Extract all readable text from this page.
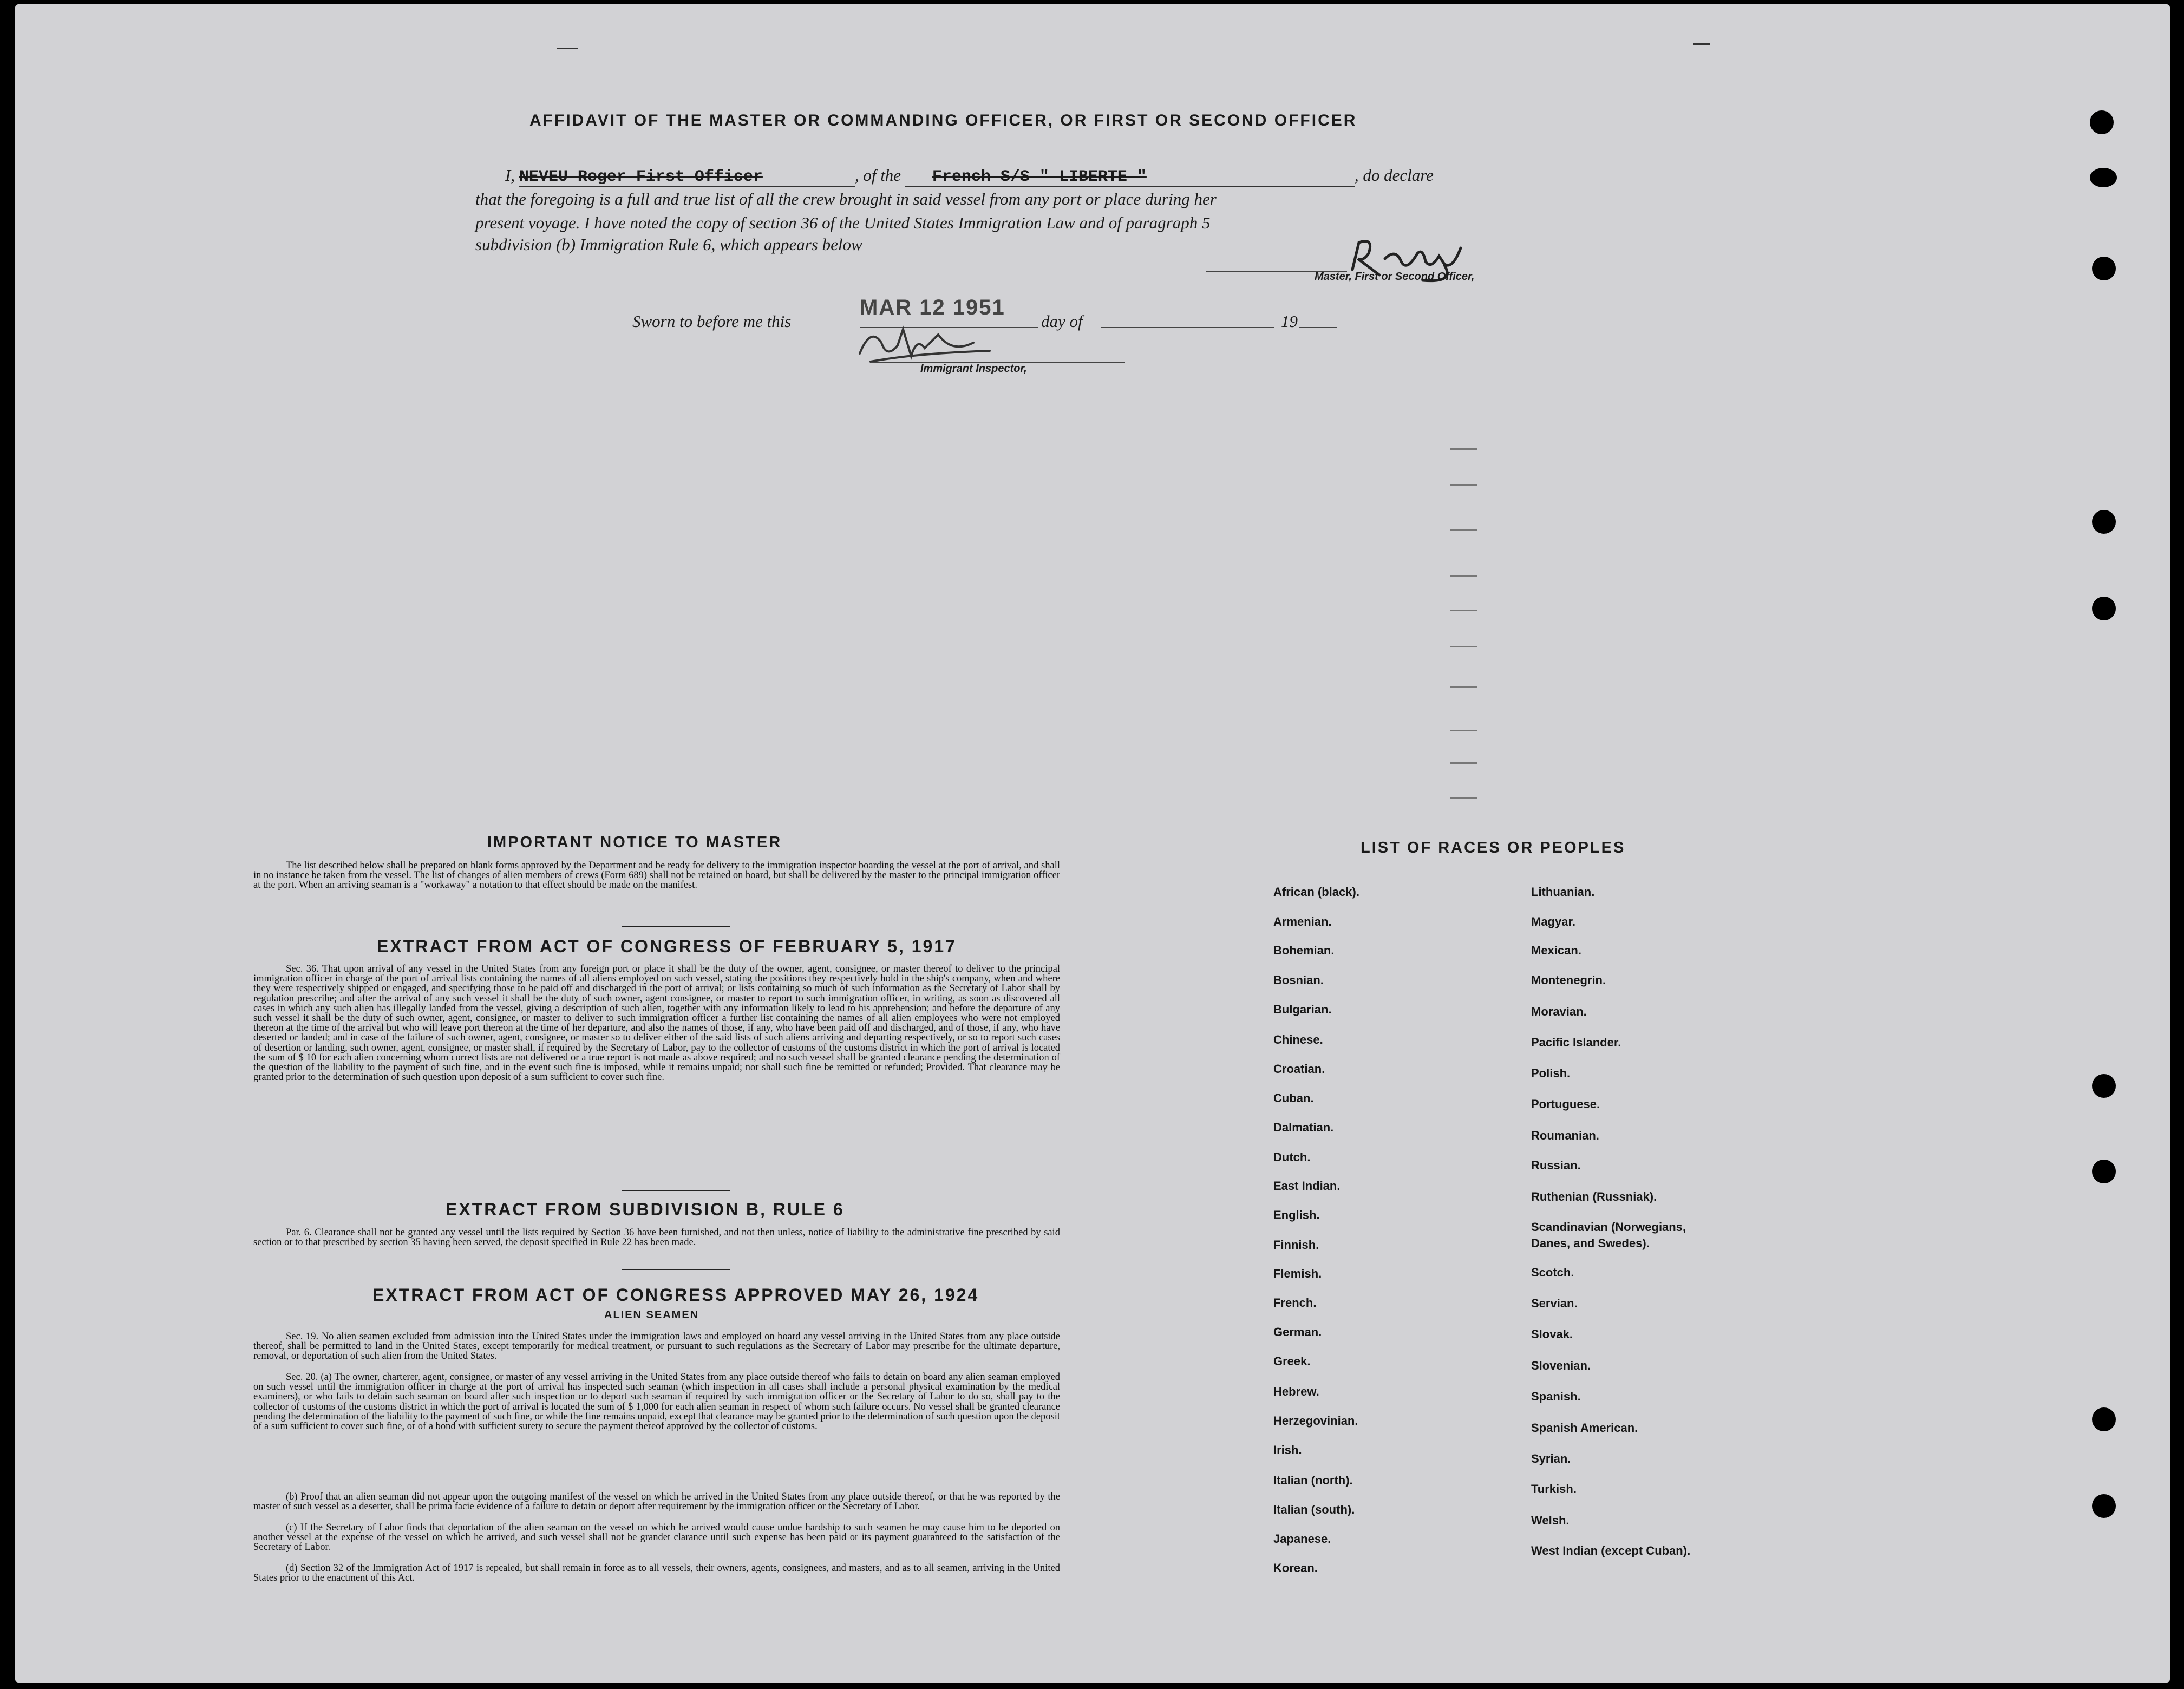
AFFIDAVIT OF THE MASTER OR COMMANDING OFFICER, OR FIRST OR SECOND OFFICER
I, NEVEU Roger First Officer	, of the French S/S " LIBERTE "	, do declare
that the foregoing is a full and true list of all the crew brought in said vessel from any port or place during her
present voyage. I have noted the copy of section 36 of the United States Immigration Law and of paragraph 5
subdivision (b) Immigration Rule 6, which appears below
Master, First or Second Officer,
Sworn to before me this
MAR 12 1951
day of	19
Immigrant Inspector,
IMPORTANT NOTICE TO MASTER

The list described below shall be prepared on blank forms approved by the Department and be ready for delivery to the immigration inspector boarding the vessel at the port of arrival, and shall in no instance be taken from the vessel. The list of changes of alien members of crews (Form 689) shall not be retained on board, but shall be delivered by the master to the principal immigration officer at the port. When an arriving seaman is a "workaway" a notation to that effect should be made on the manifest.

EXTRACT FROM ACT OF CONGRESS OF FEBRUARY 5, 1917

Sec. 36. That upon arrival of any vessel in the United States from any foreign port or place it shall be the duty of the owner, agent, consignee, or master thereof to deliver to the principal immigration officer in charge of the port of arrival lists containing the names of all aliens employed on such vessel, stating the positions they respectively hold in the ship's company, when and where they were respectively shipped or engaged, and specifying those to be paid off and discharged in the port of arrival; or lists containing so much of such information as the Secretary of Labor shall by regulation prescribe; and after the arrival of any such vessel it shall be the duty of such owner, agent consignee, or master to report to such immigration officer, in writing, as soon as discovered all cases in which any such alien has illegally landed from the vessel, giving a description of such alien, together with any information likely to lead to his apprehension; and before the departure of any such vessel it shall be the duty of such owner, agent, consignee, or master to deliver to such immigration officer a further list containing the names of all alien employees who were not employed thereon at the time of the arrival but who will leave port thereon at the time of her departure, and also the names of those, if any, who have been paid off and discharged, and of those, if any, who have deserted or landed; and in case of the failure of such owner, agent, consignee, or master so to deliver either of the said lists of such aliens arriving and departing respectively, or so to report such cases of desertion or landing, such owner, agent, consignee, or master shall, if required by the Secretary of Labor, pay to the collector of customs of the customs district in which the port of arrival is located the sum of $ 10 for each alien concerning whom correct lists are not delivered or a true report is not made as above required; and no such vessel shall be granted clearance pending the determination of the question of the liability to the payment of such fine, and in the event such fine is imposed, while it remains unpaid; nor shall such fine be remitted or refunded; Provided. That clearance may be granted prior to the determination of such question upon deposit of a sum sufficient to cover such fine.

EXTRACT FROM SUBDIVISION B, RULE 6

Par. 6. Clearance shall not be granted any vessel until the lists required by Section 36 have been furnished, and not then unless, notice of liability to the administrative fine prescribed by said section or to that prescribed by section 35 having been served, the deposit specified in Rule 22 has been made.

EXTRACT FROM ACT OF CONGRESS APPROVED MAY 26, 1924
ALIEN SEAMEN

Sec. 19. No alien seamen excluded from admission into the United States under the immigration laws and employed on board any vessel arriving in the United States from any place outside thereof, shall be permitted to land in the United States, except temporarily for medical treatment, or pursuant to such regulations as the Secretary of Labor may prescribe for the ultimate departure, removal, or deportation of such alien from the United States.

Sec. 20. (a) The owner, charterer, agent, consignee, or master of any vessel arriving in the United States from any place outside thereof who fails to detain on board any alien seaman employed on such vessel until the immigration officer in charge at the port of arrival has inspected such seaman (which inspection in all cases shall include a personal physical examination by the medical examiners), or who fails to detain such seaman on board after such inspection or to deport such seaman if required by such immigration officer or the Secretary of Labor to do so, shall pay to the collector of customs of the customs district in which the port of arrival is located the sum of $ 1,000 for each alien seaman in respect of whom such failure occurs. No vessel shall be granted clearance pending the determination of the liability to the payment of such fine, or while the fine remains unpaid, except that clearance may be granted prior to the determination of such question upon the deposit of a sum sufficient to cover such fine, or of a bond with sufficient surety to secure the payment thereof approved by the collector of customs.

(b) Proof that an alien seaman did not appear upon the outgoing manifest of the vessel on which he arrived in the United States from any place outside thereof, or that he was reported by the master of such vessel as a deserter, shall be prima facie evidence of a failure to detain or deport after requirement by the immigration officer or the Secretary of Labor.

(c) If the Secretary of Labor finds that deportation of the alien seaman on the vessel on which he arrived would cause undue hardship to such seamen he may cause him to be deported on another vessel at the expense of the vessel on which he arrived, and such vessel shall not be grandet clarance until such expense has been paid or its payment guaranteed to the satisfaction of the Secretary of Labor.

(d) Section 32 of the Immigration Act of 1917 is repealed, but shall remain in force as to all vessels, their owners, agents, consignees, and masters, and as to all seamen, arriving in the United States prior to the enactment of this Act.

LIST OF RACES OR PEOPLES
African (black).
Armenian.
Bohemian.
Bosnian.
Bulgarian.
Chinese.
Croatian.
Cuban.
Dalmatian.
Dutch.
East Indian.
English.
Finnish.
Flemish.
French.
German.
Greek.
Hebrew.
Herzegovinian.
Irish.
Italian (north).
Italian (south).
Japanese.
Korean.
Lithuanian.
Magyar.
Mexican.
Montenegrin.
Moravian.
Pacific Islander.
Polish.
Portuguese.
Roumanian.
Russian.
Ruthenian (Russniak).
Scandinavian (Norwegians, Danes, and Swedes).
Scotch.
Servian.
Slovak.
Slovenian.
Spanish.
Spanish American.
Syrian.
Turkish.
Welsh.
West Indian (except Cuban).
